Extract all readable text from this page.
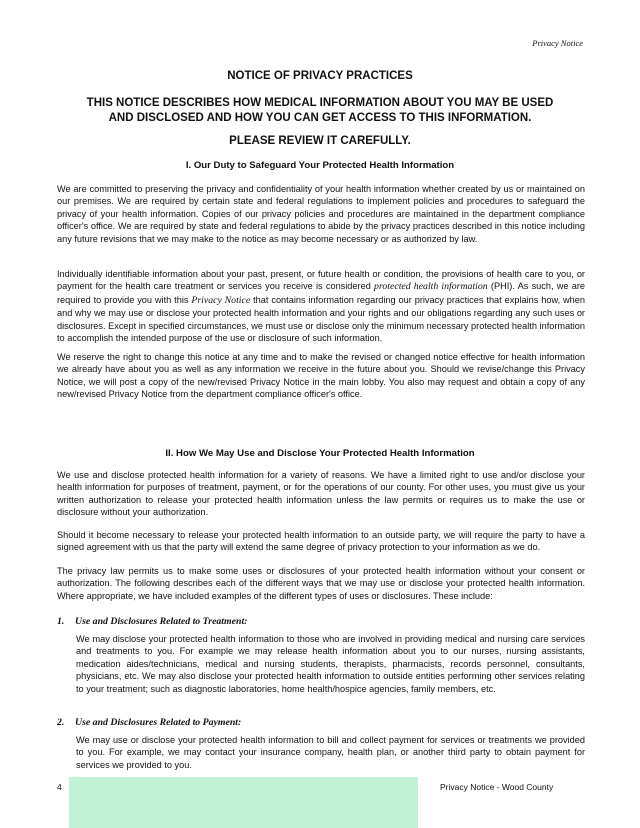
Privacy Notice
NOTICE OF PRIVACY PRACTICES
THIS NOTICE DESCRIBES HOW MEDICAL INFORMATION ABOUT YOU MAY BE USED
AND DISCLOSED AND HOW YOU CAN GET ACCESS TO THIS INFORMATION.
PLEASE REVIEW IT CAREFULLY.
I. Our Duty to Safeguard Your Protected Health Information
We are committed to preserving the privacy and confidentiality of your health information whether created by us or maintained on our premises. We are required by certain state and federal regulations to implement policies and procedures to safeguard the privacy of your health information. Copies of our privacy policies and procedures are maintained in the department compliance officer's office. We are required by state and federal regulations to abide by the privacy practices described in this notice including any future revisions that we may make to the notice as may become necessary or as authorized by law.
Individually identifiable information about your past, present, or future health or condition, the provisions of health care to you, or payment for the health care treatment or services you receive is considered protected health information (PHI). As such, we are required to provide you with this Privacy Notice that contains information regarding our privacy practices that explains how, when and why we may use or disclose your protected health information and your rights and our obligations regarding any such uses or disclosures. Except in specified circumstances, we must use or disclose only the minimum necessary protected health information to accomplish the intended purpose of the use or disclosure of such information.
We reserve the right to change this notice at any time and to make the revised or changed notice effective for health information we already have about you as well as any information we receive in the future about you. Should we revise/change this Privacy Notice, we will post a copy of the new/revised Privacy Notice in the main lobby. You also may request and obtain a copy of any new/revised Privacy Notice from the department compliance officer's office.
II. How We May Use and Disclose Your Protected Health Information
We use and disclose protected health information for a variety of reasons. We have a limited right to use and/or disclose your health information for purposes of treatment, payment, or for the operations of our county. For other uses, you must give us your written authorization to release your protected health information unless the law permits or requires us to make the use or disclosure without your authorization.
Should it become necessary to release your protected health information to an outside party, we will require the party to have a signed agreement with us that the party will extend the same degree of privacy protection to your information as we do.
The privacy law permits us to make some uses or disclosures of your protected health information without your consent or authorization. The following describes each of the different ways that we may use or disclose your protected health information. Where appropriate, we have included examples of the different types of uses or disclosures. These include:
1. Use and Disclosures Related to Treatment:
We may disclose your protected health information to those who are involved in providing medical and nursing care services and treatments to you. For example we may release health information about you to our nurses, nursing assistants, medication aides/technicians, medical and nursing students, therapists, pharmacists, records personnel, consultants, physicians, etc. We may also disclose your protected health information to outside entities performing other services relating to your treatment; such as diagnostic laboratories, home health/hospice agencies, family members, etc.
2. Use and Disclosures Related to Payment:
We may use or disclose your protected health information to bill and collect payment for services or treatments we provided to you. For example, we may contact your insurance company, health plan, or another third party to obtain payment for services we provided to you.
4	Privacy Notice - Wood County
